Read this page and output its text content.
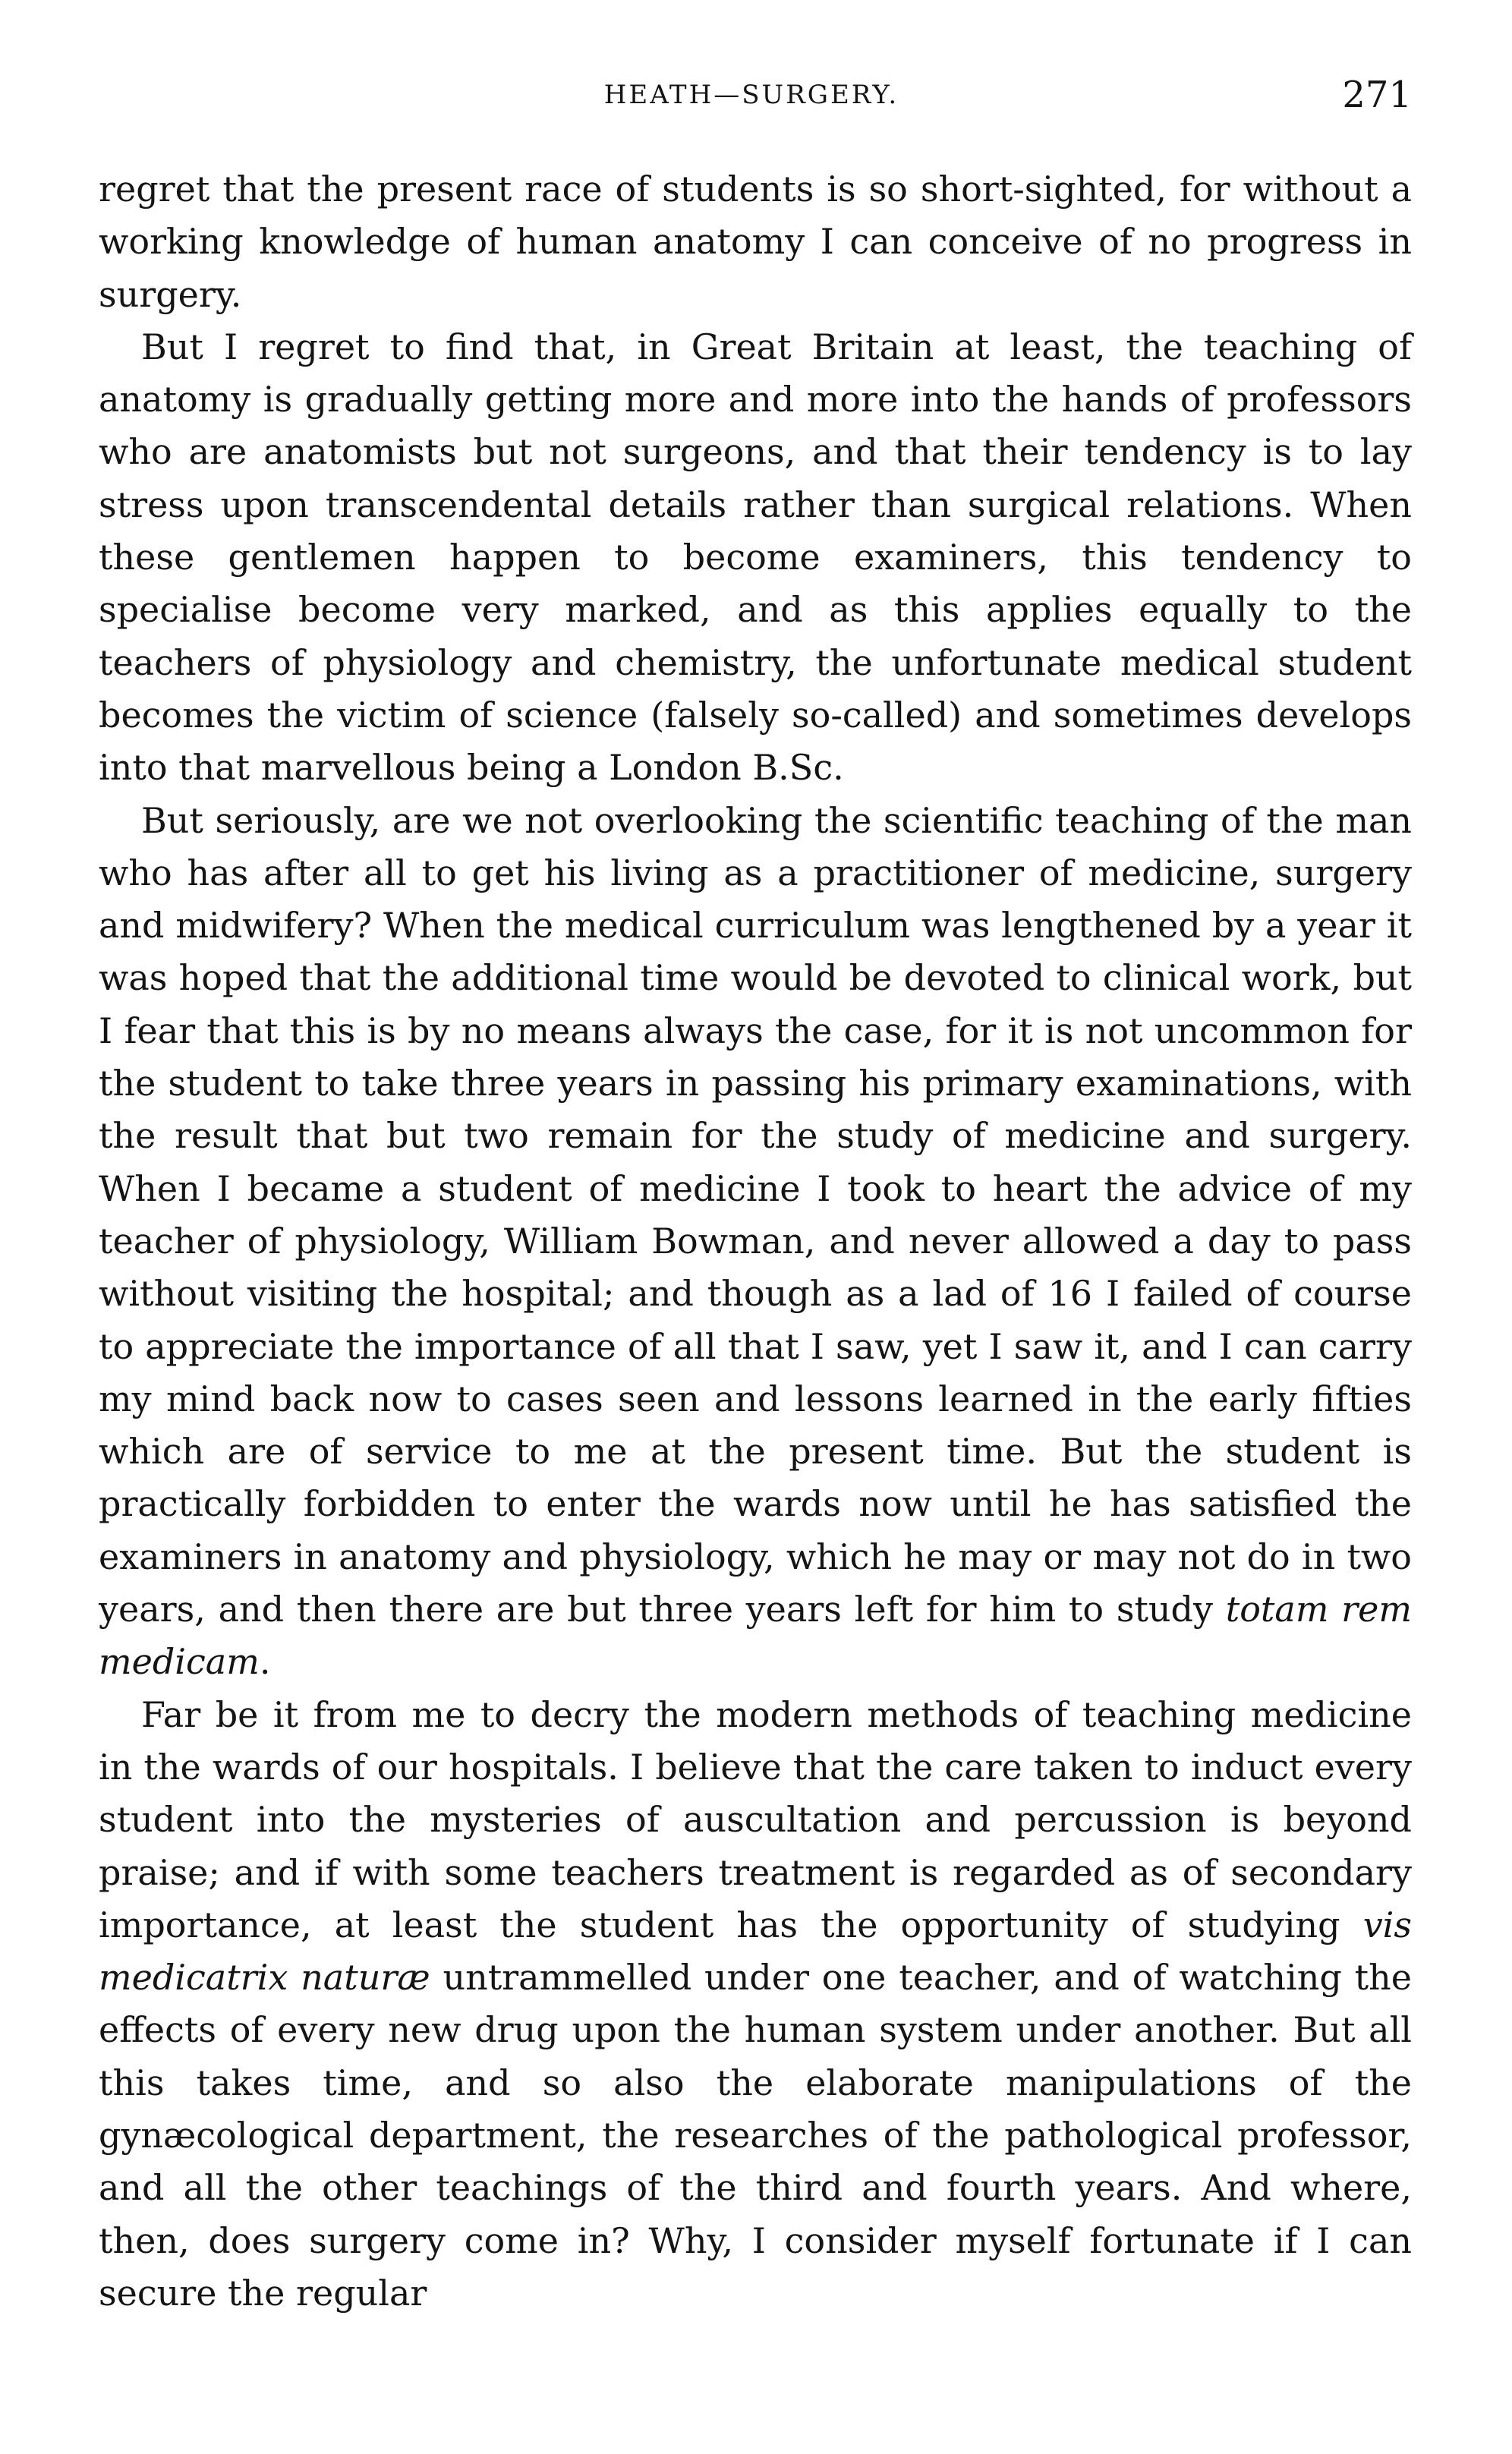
HEATH—SURGERY.	271

regret that the present race of students is so short-sighted, for without a working knowledge of human anatomy I can conceive of no progress in surgery.

But I regret to find that, in Great Britain at least, the teaching of anatomy is gradually getting more and more into the hands of professors who are anatomists but not surgeons, and that their tendency is to lay stress upon transcendental details rather than surgical relations. When these gentlemen happen to become examiners, this tendency to specialise become very marked, and as this applies equally to the teachers of physiology and chemistry, the unfortunate medical student becomes the victim of science (falsely so-called) and sometimes develops into that marvellous being a London B.Sc.

But seriously, are we not overlooking the scientific teaching of the man who has after all to get his living as a practitioner of medicine, surgery and midwifery? When the medical curriculum was lengthened by a year it was hoped that the additional time would be devoted to clinical work, but I fear that this is by no means always the case, for it is not uncommon for the student to take three years in passing his primary examinations, with the result that but two remain for the study of medicine and surgery. When I became a student of medicine I took to heart the advice of my teacher of physiology, William Bowman, and never allowed a day to pass without visiting the hospital; and though as a lad of 16 I failed of course to appreciate the importance of all that I saw, yet I saw it, and I can carry my mind back now to cases seen and lessons learned in the early fifties which are of service to me at the present time. But the student is practically forbidden to enter the wards now until he has satisfied the examiners in anatomy and physiology, which he may or may not do in two years, and then there are but three years left for him to study totam rem medicam.

Far be it from me to decry the modern methods of teaching medicine in the wards of our hospitals. I believe that the care taken to induct every student into the mysteries of auscultation and percussion is beyond praise; and if with some teachers treatment is regarded as of secondary importance, at least the student has the opportunity of studying vis medicatrix naturæ untrammelled under one teacher, and of watching the effects of every new drug upon the human system under another. But all this takes time, and so also the elaborate manipulations of the gynæcological department, the researches of the pathological professor, and all the other teachings of the third and fourth years. And where, then, does surgery come in? Why, I consider myself fortunate if I can secure the regular
